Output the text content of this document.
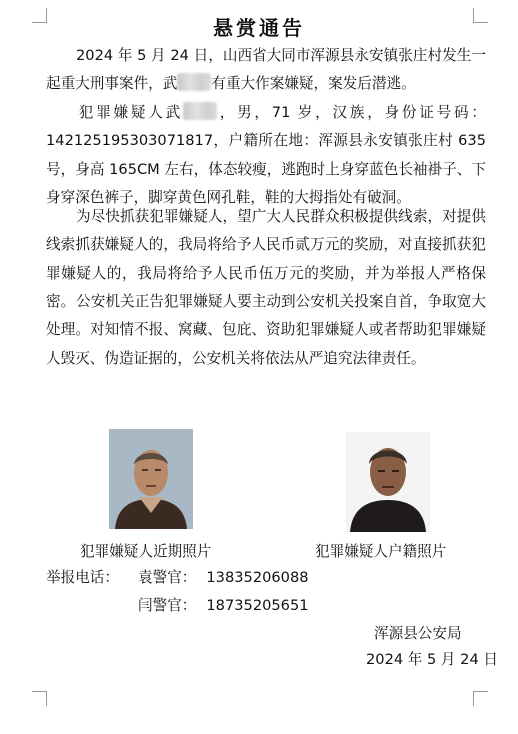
悬赏通告

2024 年 5 月 24 日，山西省大同市浑源县永安镇张庄村发生一起重大刑事案件，武 有重大作案嫌疑，案发后潜逃。

犯罪嫌疑人武 ，男，71 岁，汉族，身份证号码：142125195303071817，户籍所在地：浑源县永安镇张庄村 635 号，身高 165CM 左右，体态较瘦，逃跑时上身穿蓝色长袖褂子、下身穿深色裤子，脚穿黄色网孔鞋，鞋的大拇指处有破洞。

为尽快抓获犯罪嫌疑人，望广大人民群众积极提供线索，对提供线索抓获嫌疑人的，我局将给予人民币贰万元的奖励，对直接抓获犯罪嫌疑人的，我局将给予人民币伍万元的奖励，并为举报人严格保密。 公安机关正告犯罪嫌疑人要主动到公安机关投案自首，争取宽大处理。对知情不报、窝藏、包庇、资助犯罪嫌疑人或者帮助犯罪嫌疑人毁灭、伪造证据的，公安机关将依法从严追究法律责任。

犯罪嫌疑人近期照片	犯罪嫌疑人户籍照片
举报电话： 袁警官： 13835206088
闫警官： 18735205651
浑源县公安局
2024 年 5 月 24 日
